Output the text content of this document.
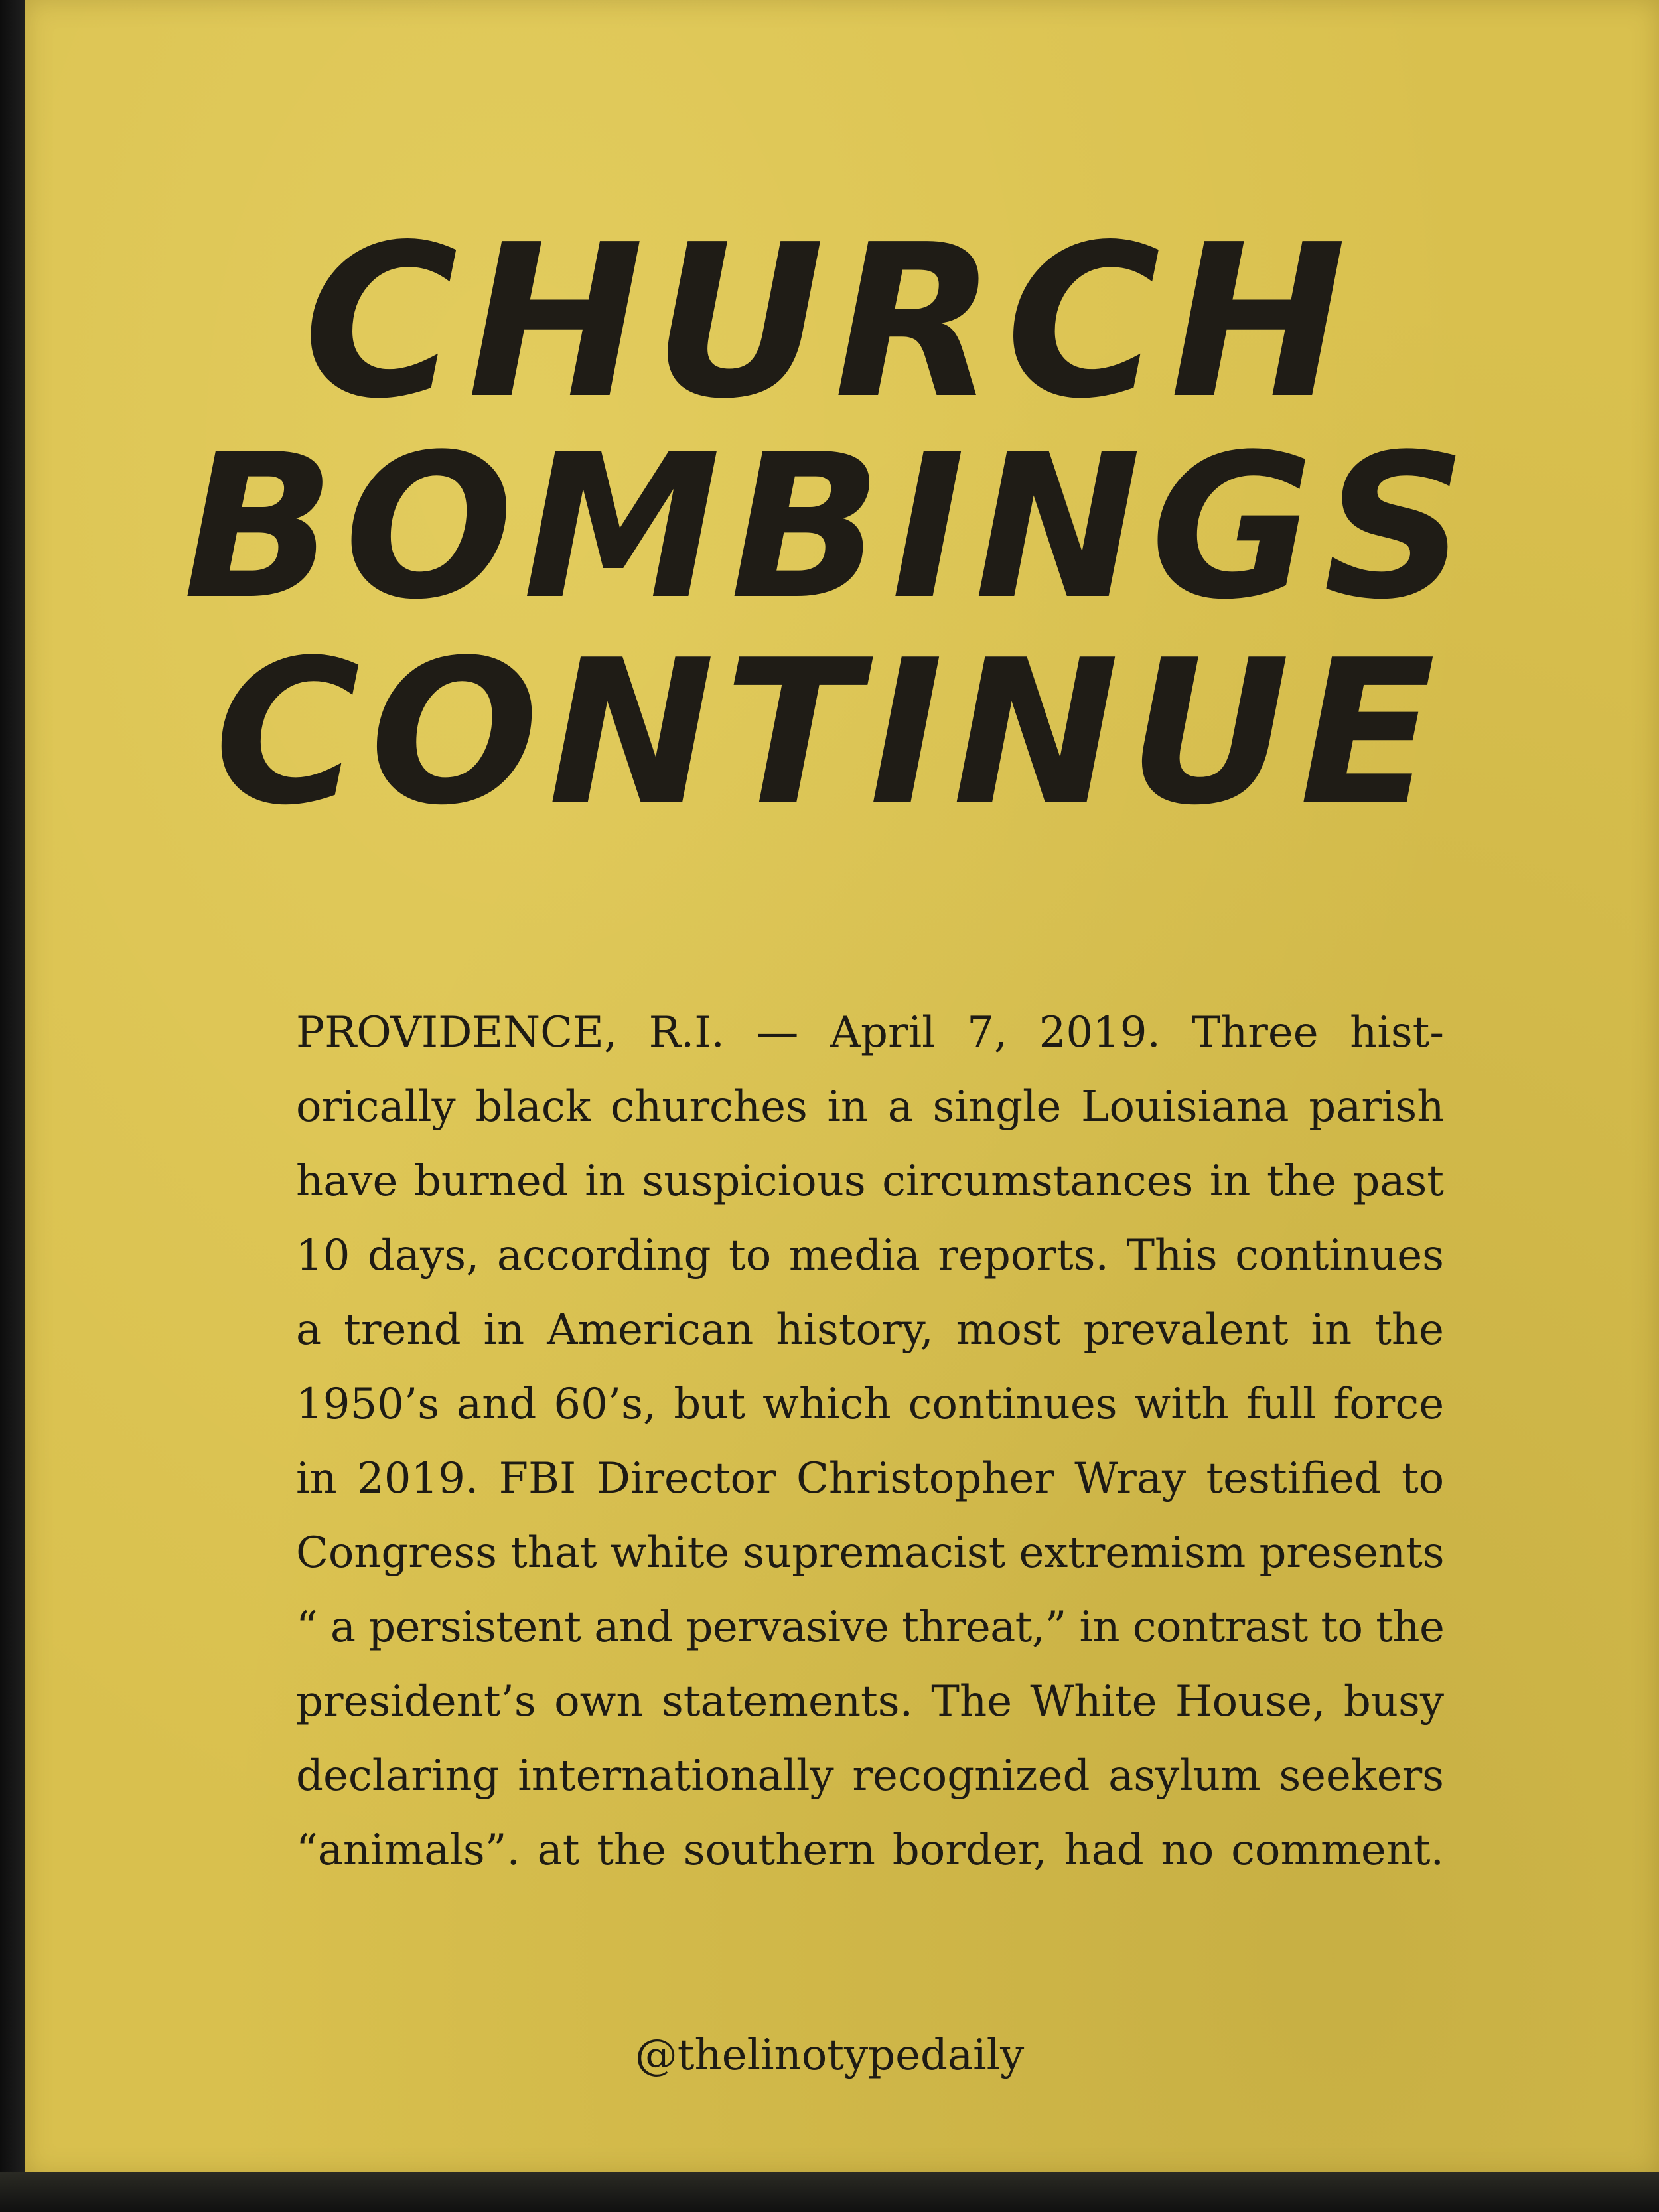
CHURCH
BOMBINGS
CONTINUE
PROVIDENCE, R.I. — April 7, 2019. Three hist-
orically black churches in a single Louisiana parish
have burned in suspicious circumstances in the past
10 days, according to media reports. This continues
a trend in American history, most prevalent in the
1950’s and 60’s, but which continues with full force
in 2019. FBI Director Christopher Wray testified to
Congress that white supremacist extremism presents
“ a persistent and pervasive threat,” in contrast to the
president’s own statements. The White House, busy
declaring internationally recognized asylum seekers
“animals”. at the southern border, had no comment.
@thelinotypedaily
